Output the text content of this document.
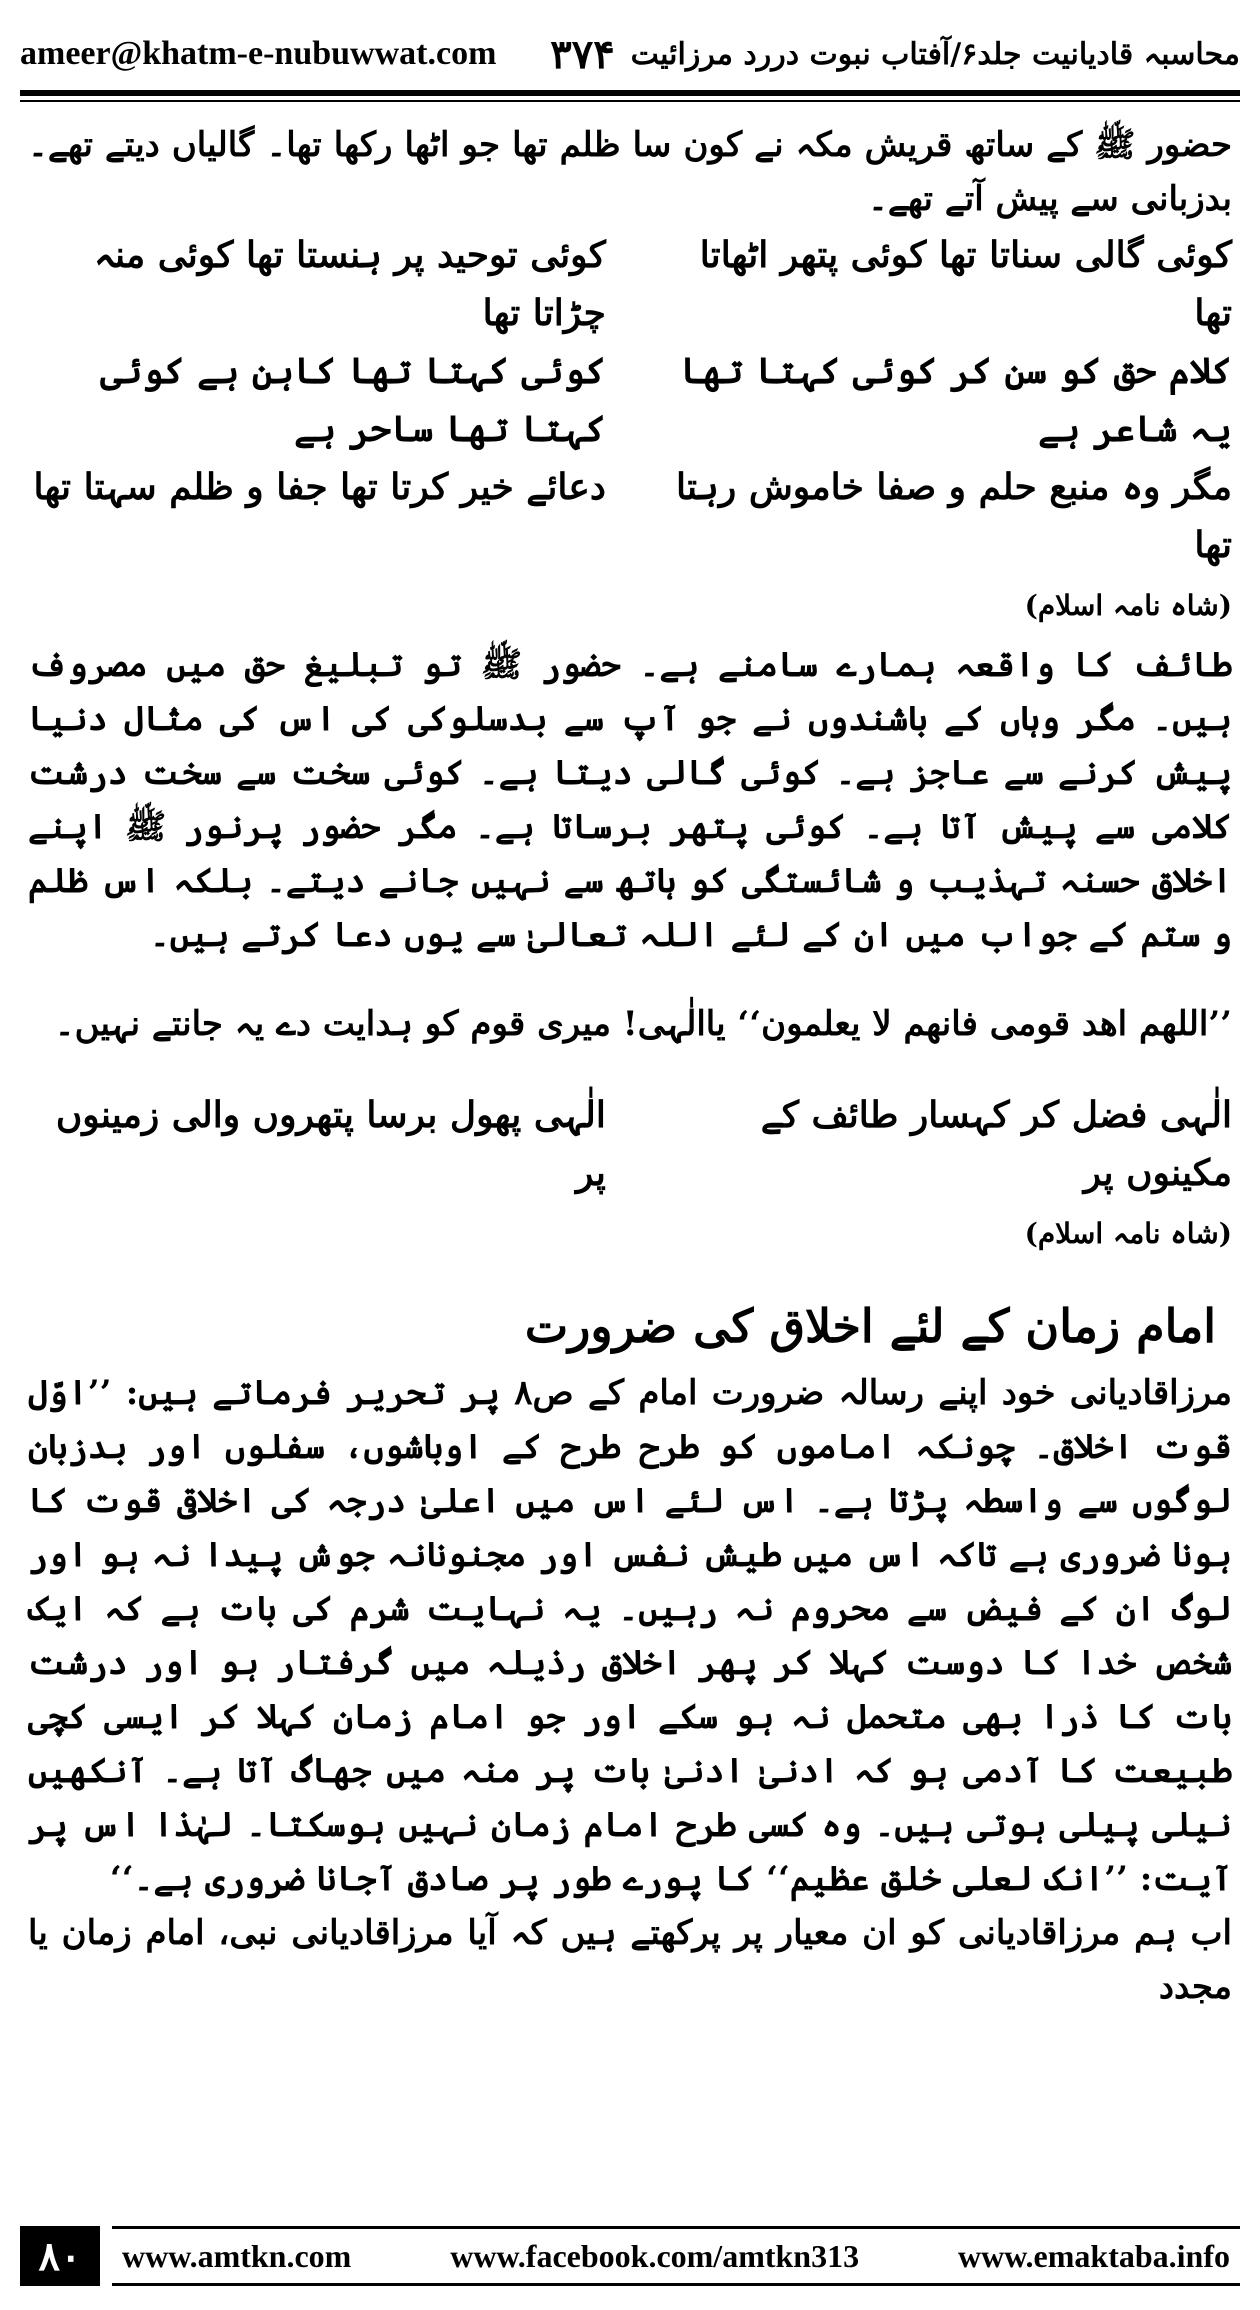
ameer@khatm-e-nubuwwat.com	محاسبہ قادیانیت جلد۶/آفتاب نبوت دررد مرزائیت
۳۷۴

حضور ﷺ کے ساتھ قریش مکہ نے کون سا ظلم تھا جو اٹھا رکھا تھا۔ گالیاں دیتے تھے۔ بدزبانی سے پیش آتے تھے۔

کوئی گالی سناتا تھا کوئی پتھر اٹھاتا تھا
کوئی توحید پر ہنستا تھا کوئی منہ چڑاتا تھا
کلام حق کو سن کر کوئی کہتا تھا یہ شاعر ہے
کوئی کہتا تھا کاہن ہے کوئی کہتا تھا ساحر ہے
مگر وہ منبع حلم و صفا خاموش رہتا تھا
دعائے خیر کرتا تھا جفا و ظلم سہتا تھا
(شاہ نامہ اسلام)

طائف کا واقعہ ہمارے سامنے ہے۔ حضور ﷺ تو تبلیغ حق میں مصروف ہیں۔ مگر وہاں کے باشندوں نے جو آپ سے بدسلوکی کی اس کی مثال دنیا پیش کرنے سے عاجز ہے۔ کوئی گالی دیتا ہے۔ کوئی سخت سے سخت درشت کلامی سے پیش آتا ہے۔ کوئی پتھر برساتا ہے۔ مگر حضور پرنور ﷺ اپنے اخلاق حسنہ تہذیب و شائستگی کو ہاتھ سے نہیں جانے دیتے۔ بلکہ اس ظلم و ستم کے جواب میں ان کے لئے اللہ تعالیٰ سے یوں دعا کرتے ہیں۔

’’اللھم اھد قومی فانھم لا یعلمون‘‘ یاالٰہی! میری قوم کو ہدایت دے یہ جانتے نہیں۔

الٰہی فضل کر کہسار طائف کے مکینوں پر
الٰہی پھول برسا پتھروں والی زمینوں پر
(شاہ نامہ اسلام)
امام زمان کے لئے اخلاق کی ضرورت

مرزاقادیانی خود اپنے رسالہ ضرورت امام کے ص۸ پر تحریر فرماتے ہیں: ’’اوّل قوت اخلاق۔ چونکہ اماموں کو طرح طرح کے اوباشوں، سفلوں اور بدزبان لوگوں سے واسطہ پڑتا ہے۔ اس لئے اس میں اعلیٰ درجہ کی اخلاقی قوت کا ہونا ضروری ہے تاکہ اس میں طیش نفس اور مجنونانہ جوش پیدا نہ ہو اور لوگ ان کے فیض سے محروم نہ رہیں۔ یہ نہایت شرم کی بات ہے کہ ایک شخص خدا کا دوست کہلا کر پھر اخلاق رذیلہ میں گرفتار ہو اور درشت بات کا ذرا بھی متحمل نہ ہو سکے اور جو امام زمان کہلا کر ایسی کچی طبیعت کا آدمی ہو کہ ادنیٰ ادنیٰ بات پر منہ میں جھاگ آتا ہے۔ آنکھیں نیلی پیلی ہوتی ہیں۔ وہ کسی طرح امام زمان نہیں ہوسکتا۔ لہٰذا اس پر آیت: ’’انک لعلی خلق عظیم‘‘ کا پورے طور پر صادق آجانا ضروری ہے۔‘‘

اب ہم مرزاقادیانی کو ان معیار پر پرکھتے ہیں کہ آیا مرزاقادیانی نبی، امام زمان یا مجدد

۸۰	www.amtkn.com	www.facebook.com/amtkn313	www.emaktaba.info
